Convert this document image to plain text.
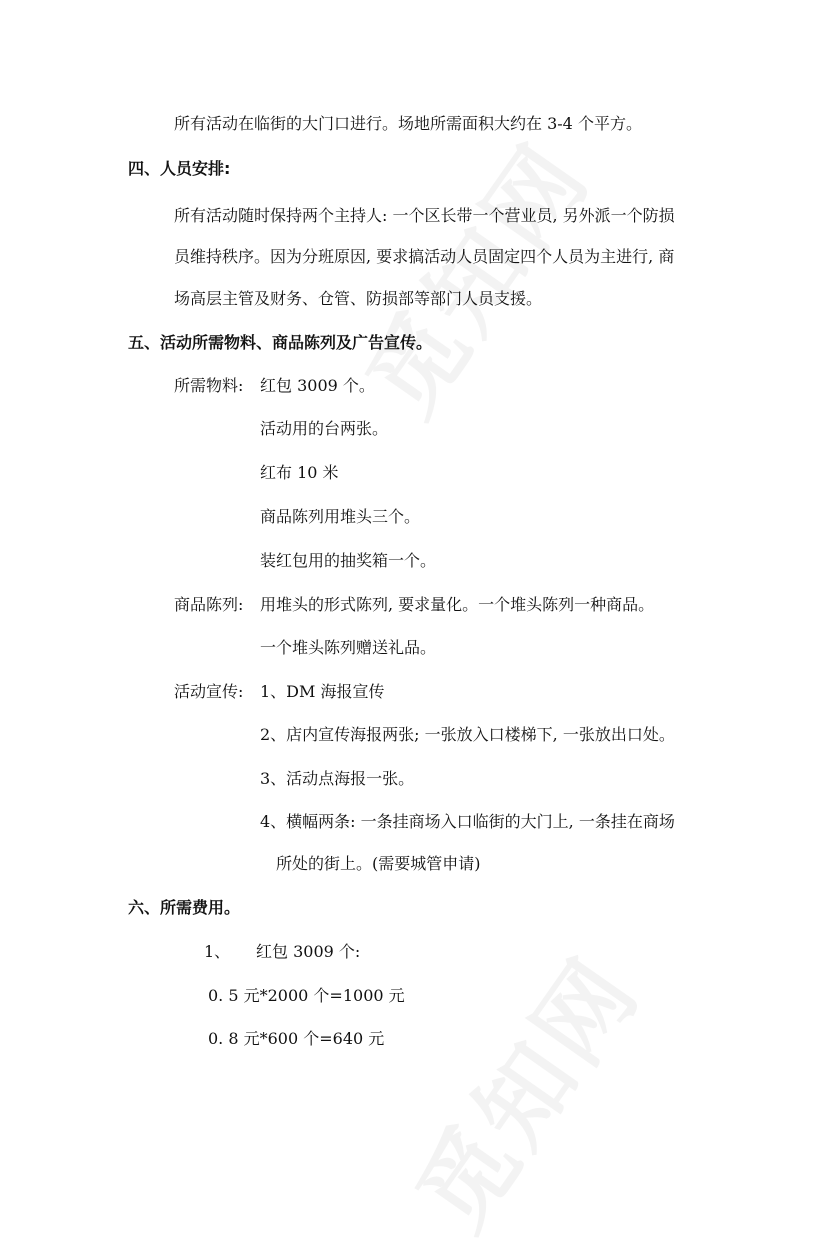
所有活动在临街的大门口进行。场地所需面积大约在 3-4 个平方。
四、人员安排:
所有活动随时保持两个主持人: 一个区长带一个营业员, 另外派一个防损
员维持秩序。因为分班原因, 要求搞活动人员固定四个人员为主进行, 商
场高层主管及财务、仓管、防损部等部门人员支援。
五、活动所需物料、商品陈列及广告宣传。
所需物料: 红包 3009 个。
活动用的台两张。
红布 10 米
商品陈列用堆头三个。
装红包用的抽奖箱一个。
商品陈列: 用堆头的形式陈列, 要求量化。一个堆头陈列一种商品。
一个堆头陈列赠送礼品。
活动宣传: 1、DM 海报宣传
2、店内宣传海报两张; 一张放入口楼梯下, 一张放出口处。
3、活动点海报一张。
4、横幅两条: 一条挂商场入口临街的大门上, 一条挂在商场
所处的街上。(需要城管申请)
六、所需费用。
1、 红包 3009 个:
0. 5 元*2000 个=1000 元
0. 8 元*600 个=640 元
